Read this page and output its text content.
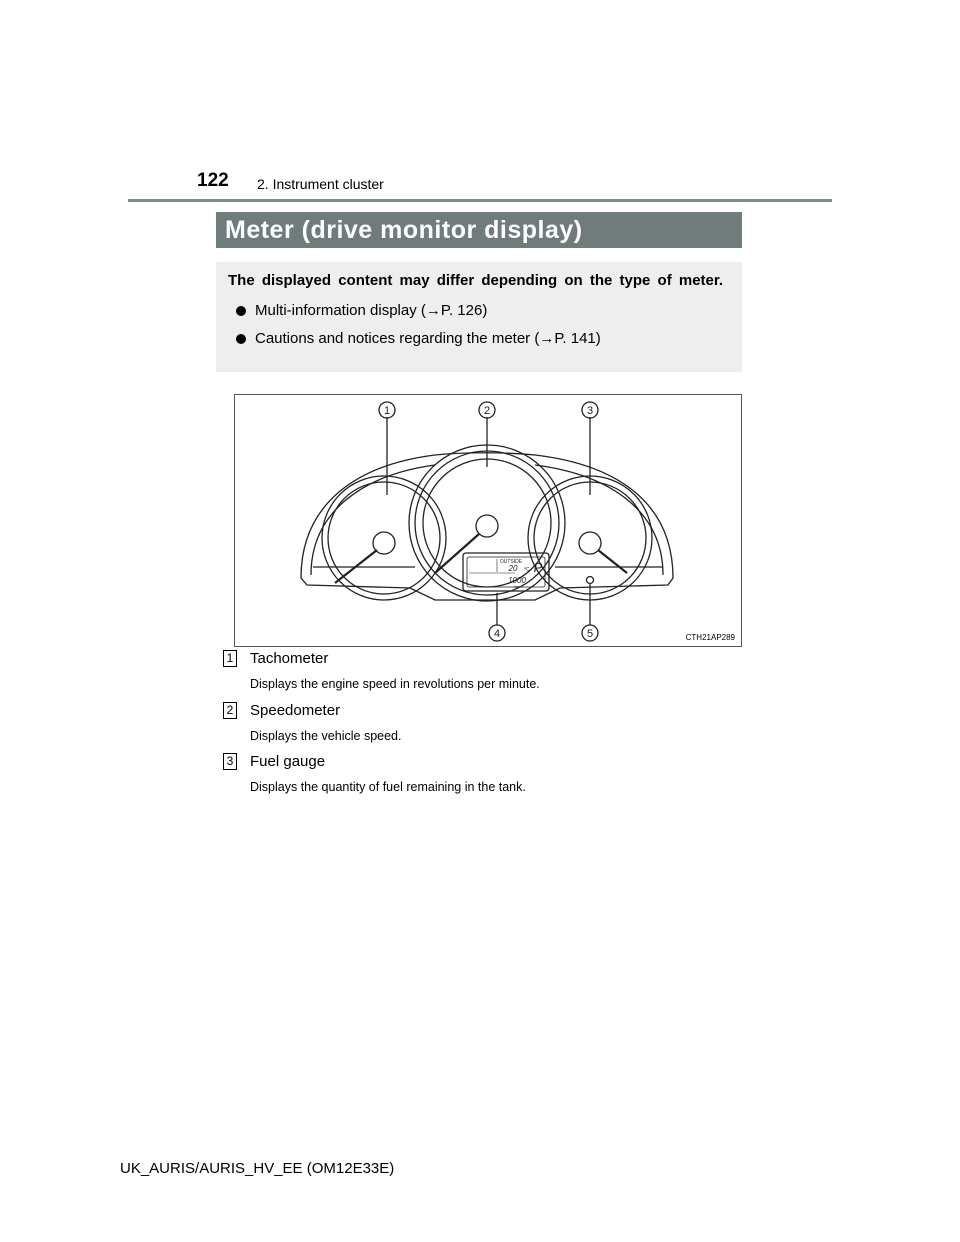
122 2. Instrument cluster
Meter (drive monitor display)
The displayed content may differ depending on the type of meter.
Multi-information display (→P. 126)
Cautions and notices regarding the meter (→P. 141)
1	2	3
4	5
OUTSIDE
20 °C
1000
km
P
CTH21AP289
1 Tachometer
Displays the engine speed in revolutions per minute.
2 Speedometer
Displays the vehicle speed.
3 Fuel gauge
Displays the quantity of fuel remaining in the tank.
UK_AURIS/AURIS_HV_EE (OM12E33E)
